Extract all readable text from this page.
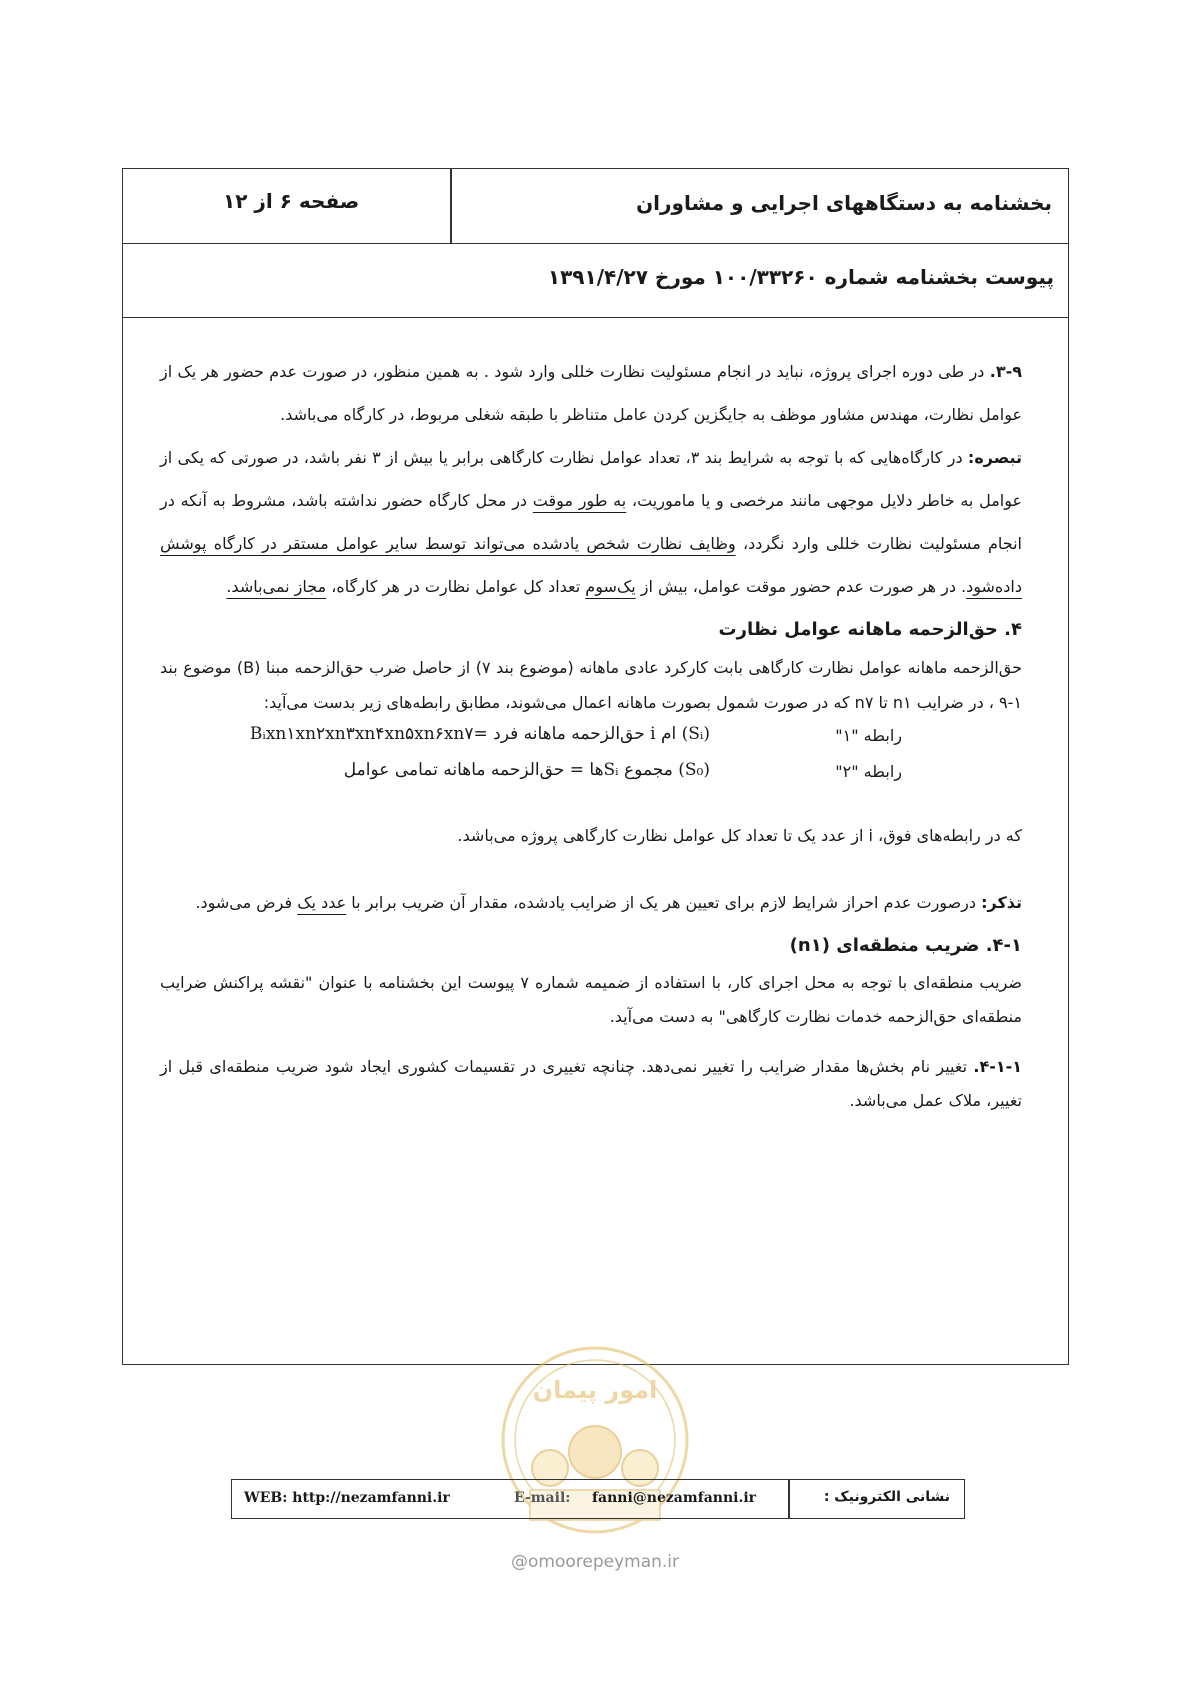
صفحه ۶ از ۱۲	بخشنامه به دستگاههای اجرایی و مشاوران
پیوست بخشنامه شماره ۱۰۰/۳۳۲۶۰ مورخ ۱۳۹۱/۴/۲۷
۳-۹. در طی دوره اجرای پروژه، نباید در انجام مسئولیت نظارت خللی وارد شود . به همین منظور، در صورت عدم حضور هر یک از عوامل نظارت، مهندس مشاور موظف به جایگزین کردن عامل متناظر با طبقه شغلی مربوط، در کارگاه می‌باشد.
تبصره: در کارگاه‌هایی که با توجه به شرایط بند ۳، تعداد عوامل نظارت کارگاهی برابر یا بیش از ۳ نفر باشد، در صورتی که یکی از عوامل به خاطر دلایل موجهی مانند مرخصی و یا ماموریت، به طور موقت در محل کارگاه حضور نداشته باشد، مشروط به آنکه در انجام مسئولیت نظارت خللی وارد نگردد، وظایف نظارت شخص یادشده می‌تواند توسط سایر عوامل مستقر در کارگاه پوشش داده‌شود. در هر صورت عدم حضور موقت عوامل، بیش از یک‌سوم تعداد کل عوامل نظارت در هر کارگاه، مجاز نمی‌باشد.
۴. حق‌الزحمه ماهانه عوامل نظارت
حق‌الزحمه ماهانه عوامل نظارت کارگاهی بابت کارکرد عادی ماهانه (موضوع بند ۷) از حاصل ضرب حق‌الزحمه مبنا (B) موضوع بند ۱-۹ ، در ضرایب n۱ تا n۷ که در صورت شمول بصورت ماهانه اعمال می‌شوند، مطابق رابطه‌های زیر بدست می‌آید:
رابطه "۱"
(Sᵢ) ام i حق‌الزحمه ماهانه فرد =Bᵢxn۱xn۲xn۳xn۴xn۵xn۶xn۷
رابطه "۲"
(S₀) مجموع Sᵢها = حق‌الزحمه ماهانه تمامی عوامل
که در رابطه‌های فوق، i از عدد یک تا تعداد کل عوامل نظارت کارگاهی پروژه می‌باشد.
تذکر: درصورت عدم احراز شرایط لازم برای تعیین هر یک از ضرایب یادشده، مقدار آن ضریب برابر با عدد یک فرض می‌شود.
۴-۱. ضریب منطقه‌ای (n۱)
ضریب منطقه‌ای با توجه به محل اجرای کار، با استفاده از ضمیمه شماره ۷ پیوست این بخشنامه با عنوان "نقشه پراکنش ضرایب منطقه‌ای حق‌الزحمه خدمات نظارت کارگاهی" به دست می‌آید.
۴-۱-۱. تغییر نام بخش‌ها مقدار ضرایب را تغییر نمی‌دهد. چنانچه تغییری در تقسیمات کشوری ایجاد شود ضریب منطقه‌ای قبل از تغییر، ملاک عمل می‌باشد.
امور پیمان
WEB: http://nezamfanni.ir	E-mail: fanni@nezamfanni.ir	نشانی الکترونیک :
@omoorepeyman.ir
